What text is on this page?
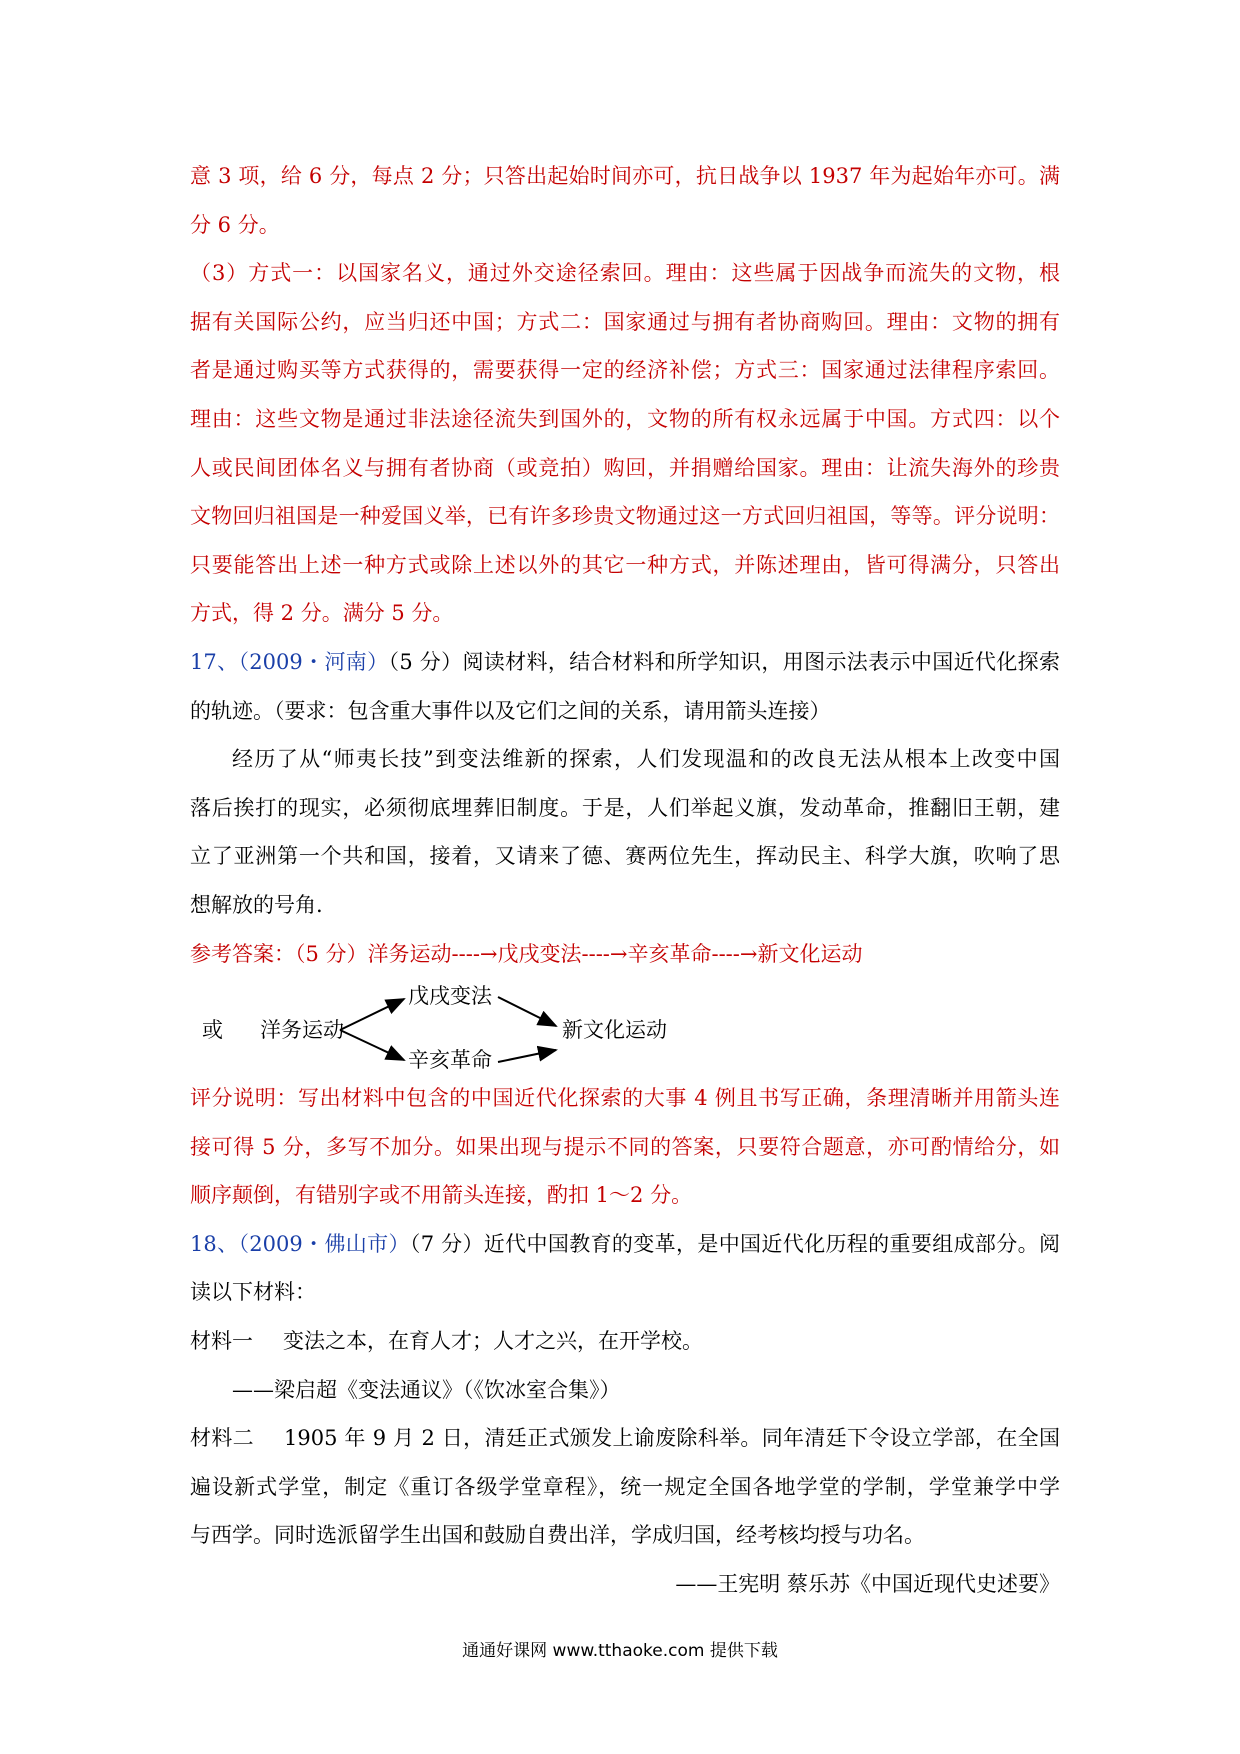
意 3 项，给 6 分，每点 2 分；只答出起始时间亦可，抗日战争以 1937 年为起始年亦可。满
分 6 分。
（3）方式一：以国家名义，通过外交途径索回。理由：这些属于因战争而流失的文物，根
据有关国际公约，应当归还中国；方式二：国家通过与拥有者协商购回。理由：文物的拥有
者是通过购买等方式获得的，需要获得一定的经济补偿；方式三：国家通过法律程序索回。
理由：这些文物是通过非法途径流失到国外的，文物的所有权永远属于中国。方式四：以个
人或民间团体名义与拥有者协商（或竞拍）购回，并捐赠给国家。理由：让流失海外的珍贵
文物回归祖国是一种爱国义举，已有许多珍贵文物通过这一方式回归祖国，等等。评分说明：
只要能答出上述一种方式或除上述以外的其它一种方式，并陈述理由，皆可得满分，只答出
方式，得 2 分。满分 5 分。
17、（2009・河南）（5 分）阅读材料，结合材料和所学知识，用图示法表示中国近代化探索
的轨迹。（要求：包含重大事件以及它们之间的关系，请用箭头连接）
经历了从“师夷长技”到变法维新的探索，人们发现温和的改良无法从根本上改变中国
落后挨打的现实，必须彻底埋葬旧制度。于是，人们举起义旗，发动革命，推翻旧王朝，建
立了亚洲第一个共和国，接着，又请来了德、赛两位先生，挥动民主、科学大旗，吹响了思
想解放的号角.
参考答案：（5 分）洋务运动----→戊戌变法----→辛亥革命----→新文化运动
或 洋务运动
戊戌变法
辛亥革命
新文化运动
评分说明：写出材料中包含的中国近代化探索的大事 4 例且书写正确，条理清晰并用箭头连
接可得 5 分，多写不加分。如果出现与提示不同的答案，只要符合题意，亦可酌情给分，如
顺序颠倒，有错别字或不用箭头连接，酌扣 1～2 分。
18、（2009・佛山市）（7 分）近代中国教育的变革，是中国近代化历程的重要组成部分。阅
读以下材料：
材料一 变法之本，在育人才；人才之兴，在开学校。
——梁启超《变法通议》（《饮冰室合集》）
材料二 1905 年 9 月 2 日，清廷正式颁发上谕废除科举。同年清廷下令设立学部，在全国
遍设新式学堂，制定《重订各级学堂章程》，统一规定全国各地学堂的学制，学堂兼学中学
与西学。同时选派留学生出国和鼓励自费出洋，学成归国，经考核均授与功名。
——王宪明 蔡乐苏《中国近现代史述要》
通通好课网 www.tthaoke.com 提供下载
